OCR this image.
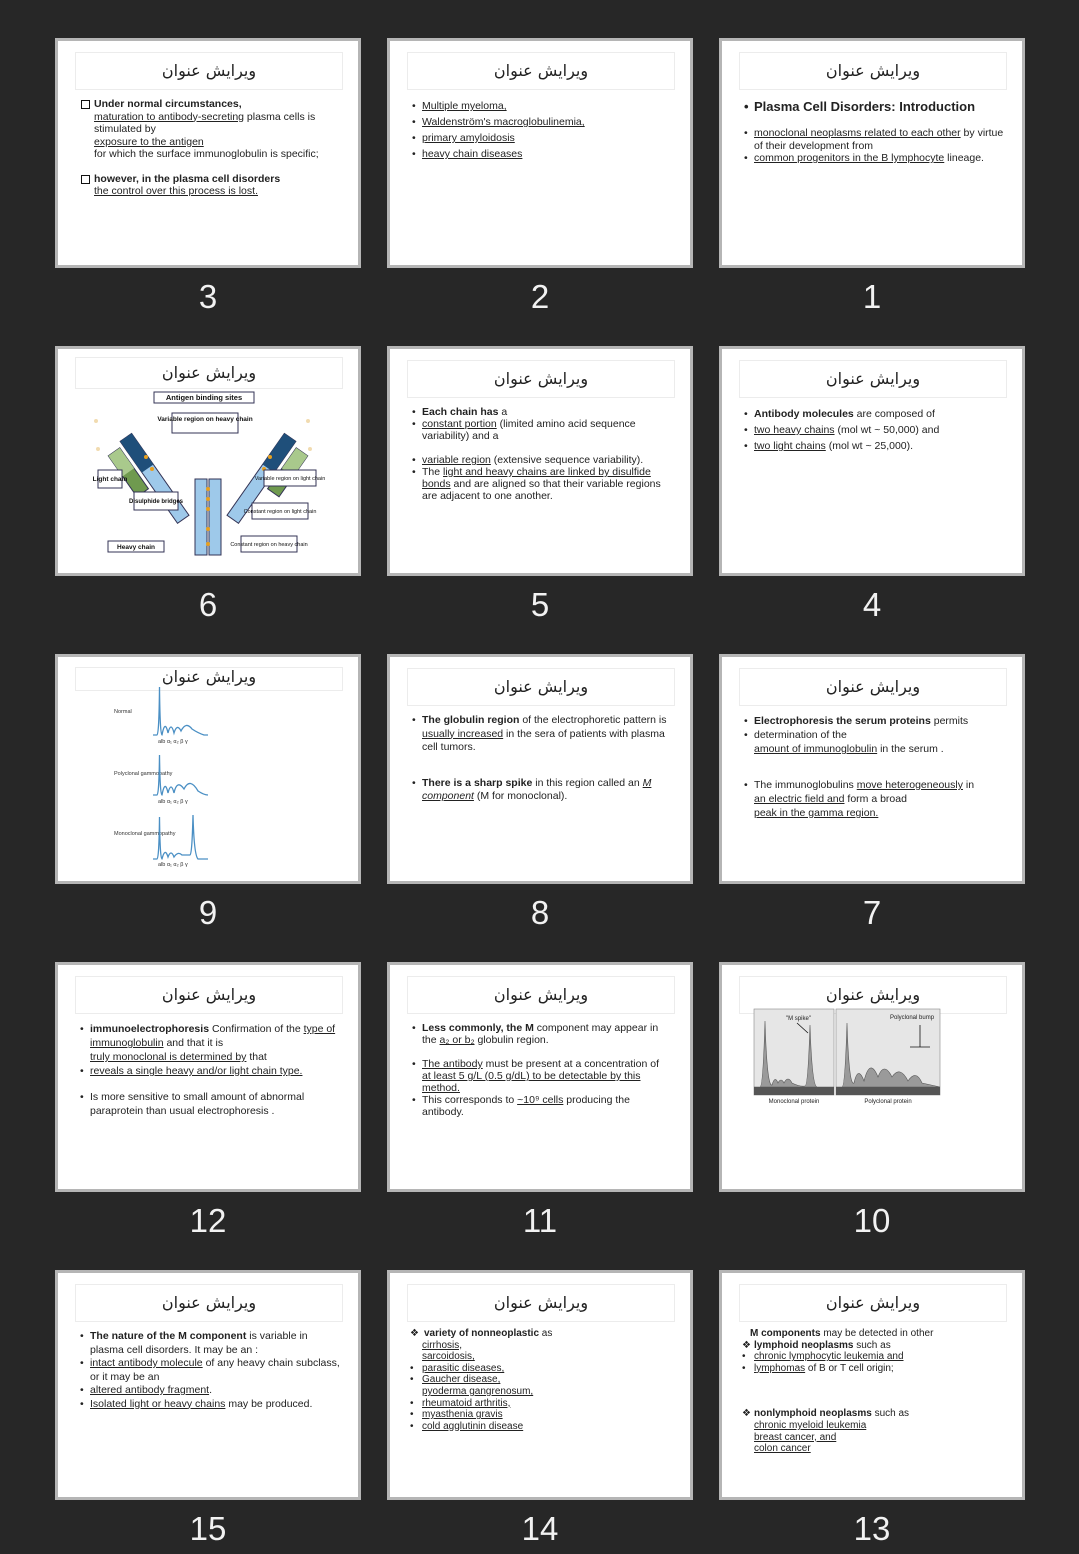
ویرایش عنوان

Under normal circumstances,

maturation to antibody-secreting plasma cells is stimulated by

exposure to the antigen

for which the surface immunoglobulin is specific;

however, in the plasma cell disorders

the control over this process is lost.

3
ویرایش عنوان

• Multiple myeloma,

• Waldenström's macroglobulinemia,

• primary amyloidosis

• heavy chain diseases

2
ویرایش عنوان

• Plasma Cell Disorders: Introduction

• monoclonal neoplasms related to each other by virtue of their development from

• common progenitors in the B lymphocyte lineage.

1
ویرایش عنوان
Antigen binding sites
Variable region on heavy chain
Light chain	Variable region on light chain
Disulphide bridges
Constant region on light chain
Heavy chain	Constant region on heavy chain
6
ویرایش عنوان

• Each chain has a

• constant portion (limited amino acid sequence variability) and a

• variable region (extensive sequence variability).

• The light and heavy chains are linked by disulfide bonds and are aligned so that their variable regions are adjacent to one another.

5
ویرایش عنوان

• Antibody molecules are composed of

• two heavy chains (mol wt ~ 50,000) and

• two light chains (mol wt ~ 25,000).

4
ویرایش عنوان
Normal
Polyclonal gammopathy
Monoclonal gammopathy
alb α₁ α₂ β γ
alb α₁ α₂ β γ
alb α₁ α₂ β γ
9
ویرایش عنوان

• The globulin region of the electrophoretic pattern is usually increased in the sera of patients with plasma cell tumors.

• There is a sharp spike in this region called an M component (M for monoclonal).

8
ویرایش عنوان

• Electrophoresis the serum proteins permits

• determination of the

amount of immunoglobulin in the serum .

• The immunoglobulins move heterogeneously in

an electric field and form a broad

peak in the gamma region.

7
ویرایش عنوان

• immunoelectrophoresis Confirmation of the type of immunoglobulin and that it is

truly monoclonal is determined by that

• reveals a single heavy and/or light chain type.

• Is more sensitive to small amount of abnormal paraprotein than usual electrophoresis .

12
ویرایش عنوان

• Less commonly, the M component may appear in the a₂ or b₂ globulin region.

• The antibody must be present at a concentration of

at least 5 g/L (0.5 g/dL) to be detectable by this method.

• This corresponds to ~10⁹ cells producing the antibody.

11
ویرایش عنوان
"M spike"	Polyclonal bump
Monoclonal protein	Polyclonal protein
10
ویرایش عنوان

• The nature of the M component is variable in plasma cell disorders. It may be an :

• intact antibody molecule of any heavy chain subclass, or it may be an

• altered antibody fragment.

• Isolated light or heavy chains may be produced.

15
ویرایش عنوان

❖ variety of nonneoplastic as

cirrhosis,

sarcoidosis,

• parasitic diseases,

• Gaucher disease,

pyoderma gangrenosum,

• rheumatoid arthritis,

• myasthenia gravis

• cold agglutinin disease

14
ویرایش عنوان

M components may be detected in other

❖ lymphoid neoplasms such as

• chronic lymphocytic leukemia and

• lymphomas of B or T cell origin;

❖ nonlymphoid neoplasms such as

chronic myeloid leukemia

breast cancer, and

colon cancer

13
